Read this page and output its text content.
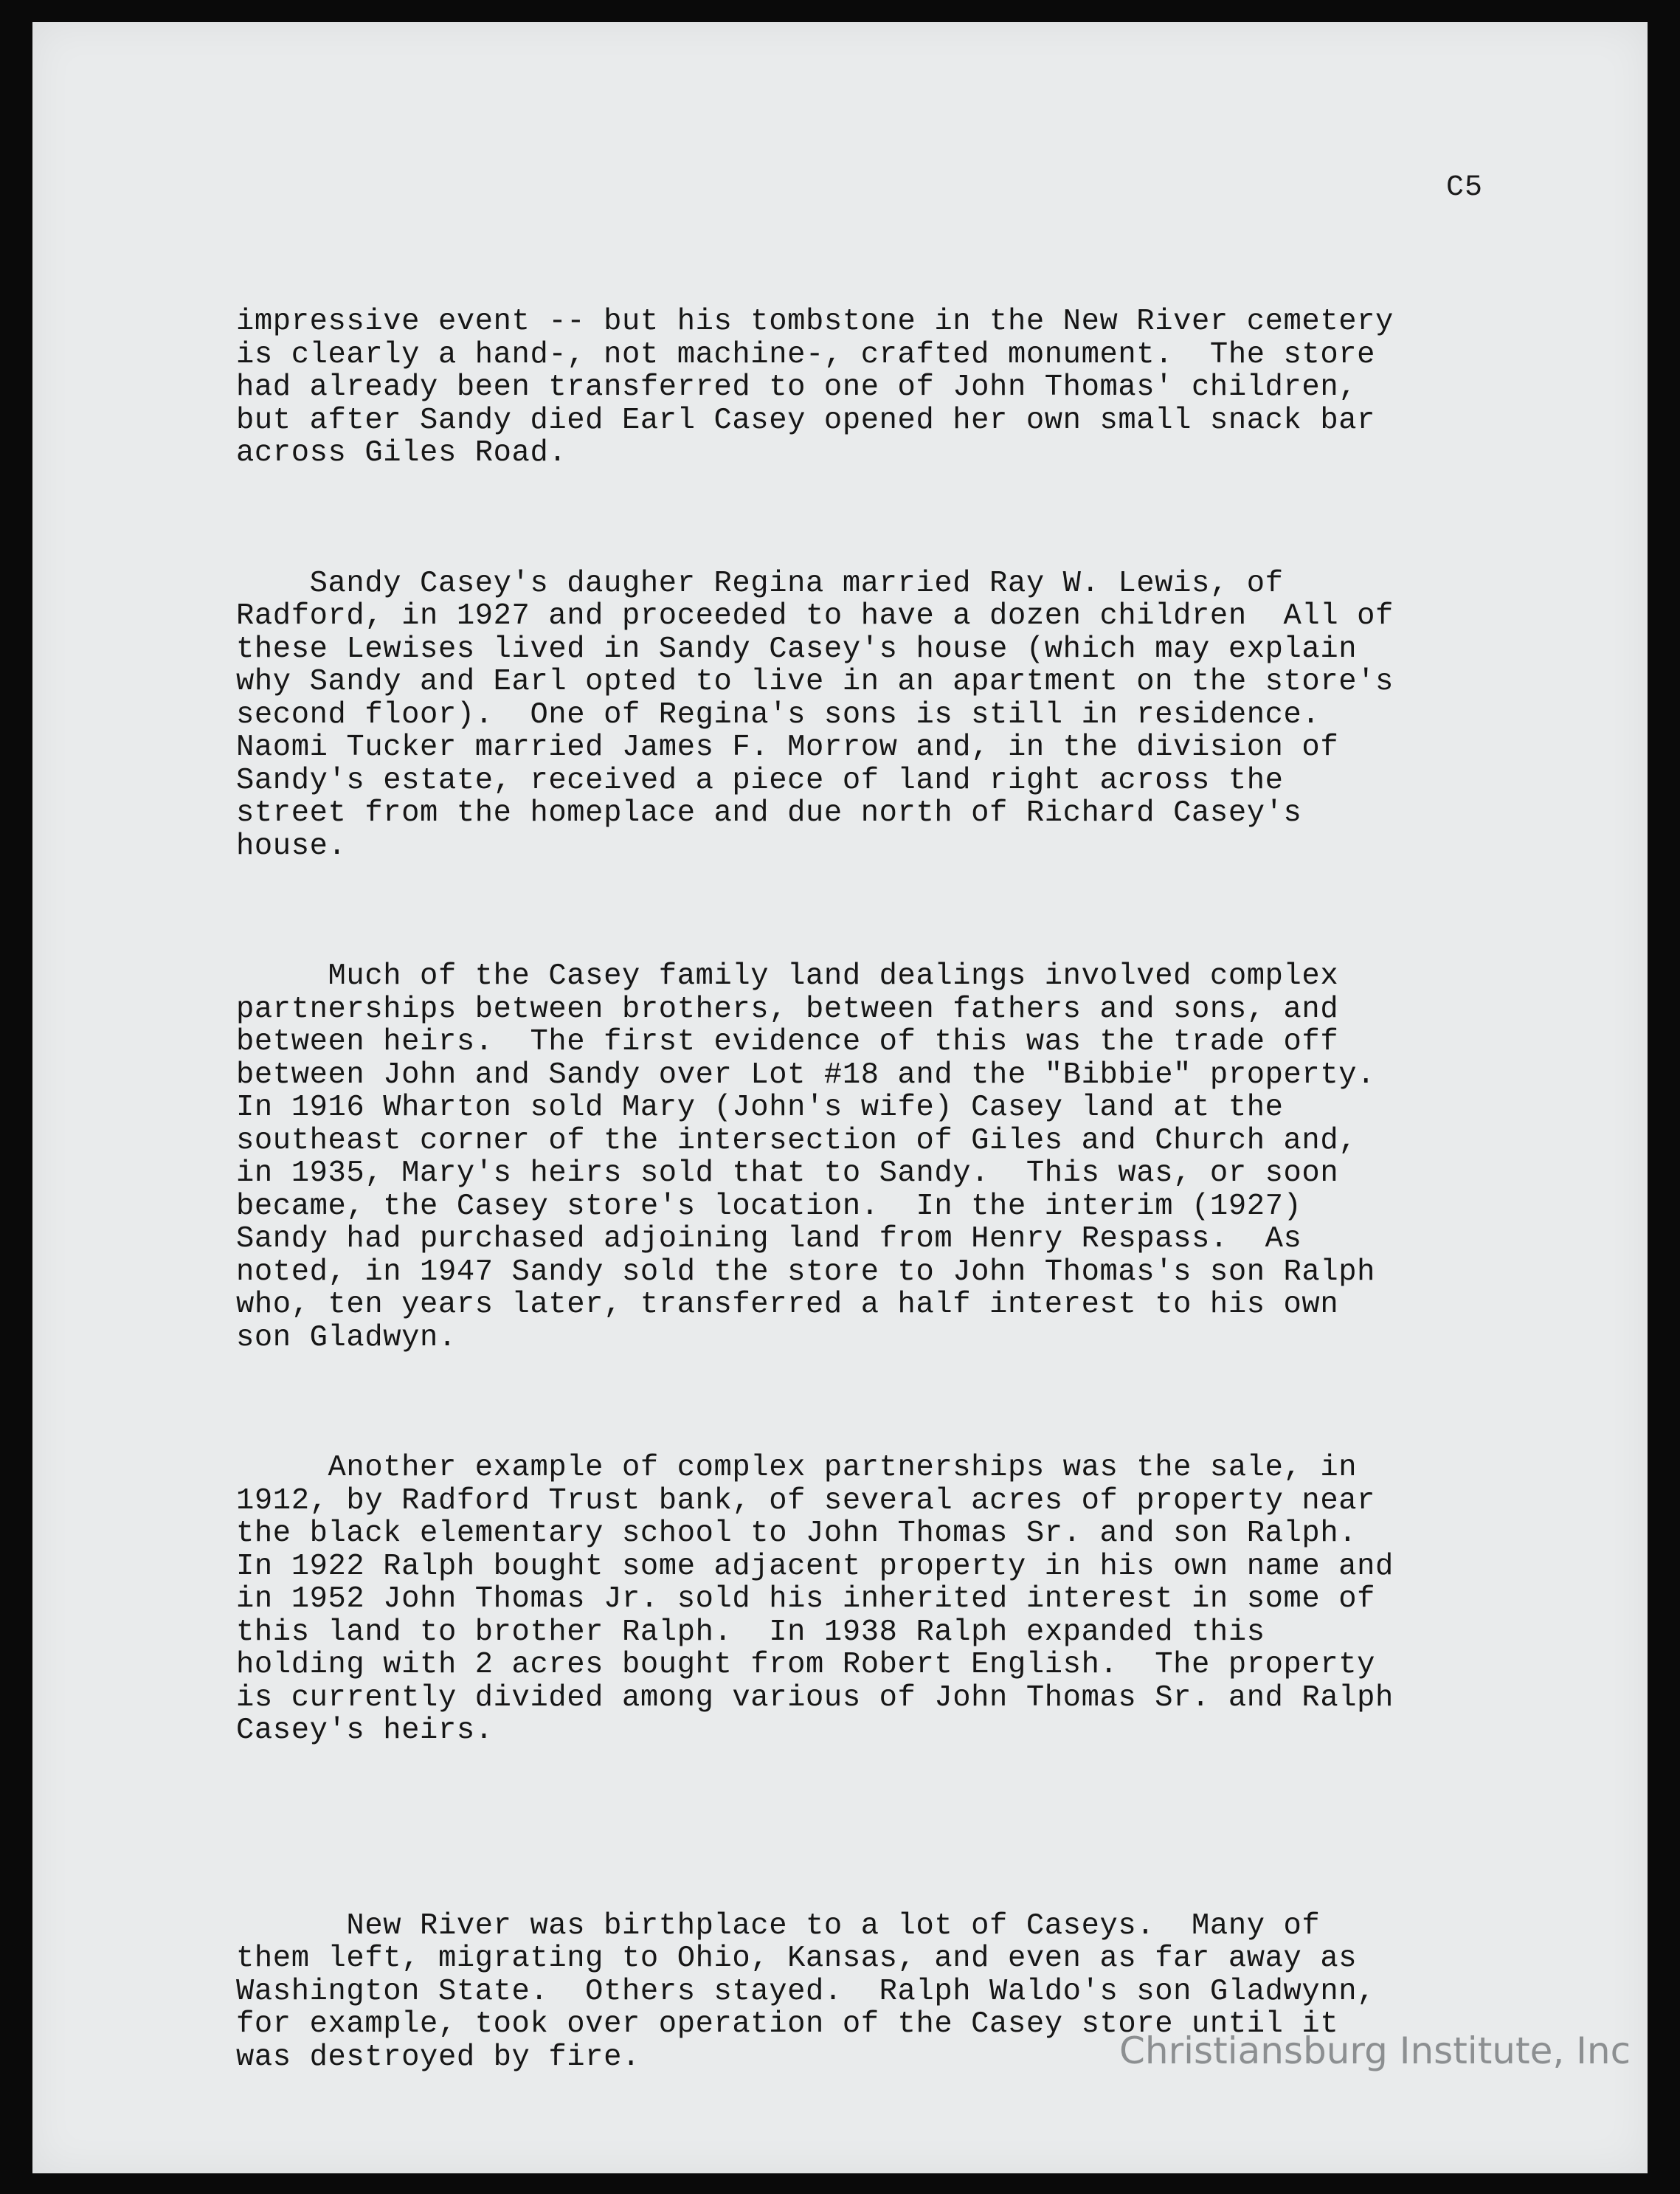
C5

impressive event -- but his tombstone in the New River cemetery
is clearly a hand-, not machine-, crafted monument.  The store
had already been transferred to one of John Thomas' children,
but after Sandy died Earl Casey opened her own small snack bar
across Giles Road.

Sandy Casey's daugher Regina married Ray W. Lewis, of
Radford, in 1927 and proceeded to have a dozen children  All of
these Lewises lived in Sandy Casey's house (which may explain
why Sandy and Earl opted to live in an apartment on the store's
second floor).  One of Regina's sons is still in residence.
Naomi Tucker married James F. Morrow and, in the division of
Sandy's estate, received a piece of land right across the
street from the homeplace and due north of Richard Casey's
house.

Much of the Casey family land dealings involved complex
partnerships between brothers, between fathers and sons, and
between heirs.  The first evidence of this was the trade off
between John and Sandy over Lot #18 and the "Bibbie" property.
In 1916 Wharton sold Mary (John's wife) Casey land at the
southeast corner of the intersection of Giles and Church and,
in 1935, Mary's heirs sold that to Sandy.  This was, or soon
became, the Casey store's location.  In the interim (1927)
Sandy had purchased adjoining land from Henry Respass.  As
noted, in 1947 Sandy sold the store to John Thomas's son Ralph
who, ten years later, transferred a half interest to his own
son Gladwyn.

Another example of complex partnerships was the sale, in
1912, by Radford Trust bank, of several acres of property near
the black elementary school to John Thomas Sr. and son Ralph.
In 1922 Ralph bought some adjacent property in his own name and
in 1952 John Thomas Jr. sold his inherited interest in some of
this land to brother Ralph.  In 1938 Ralph expanded this
holding with 2 acres bought from Robert English.  The property
is currently divided among various of John Thomas Sr. and Ralph
Casey's heirs.

New River was birthplace to a lot of Caseys.  Many of
them left, migrating to Ohio, Kansas, and even as far away as
Washington State.  Others stayed.  Ralph Waldo's son Gladwynn,
for example, took over operation of the Casey store until it
was destroyed by fire.	Christiansburg Institute, Inc
